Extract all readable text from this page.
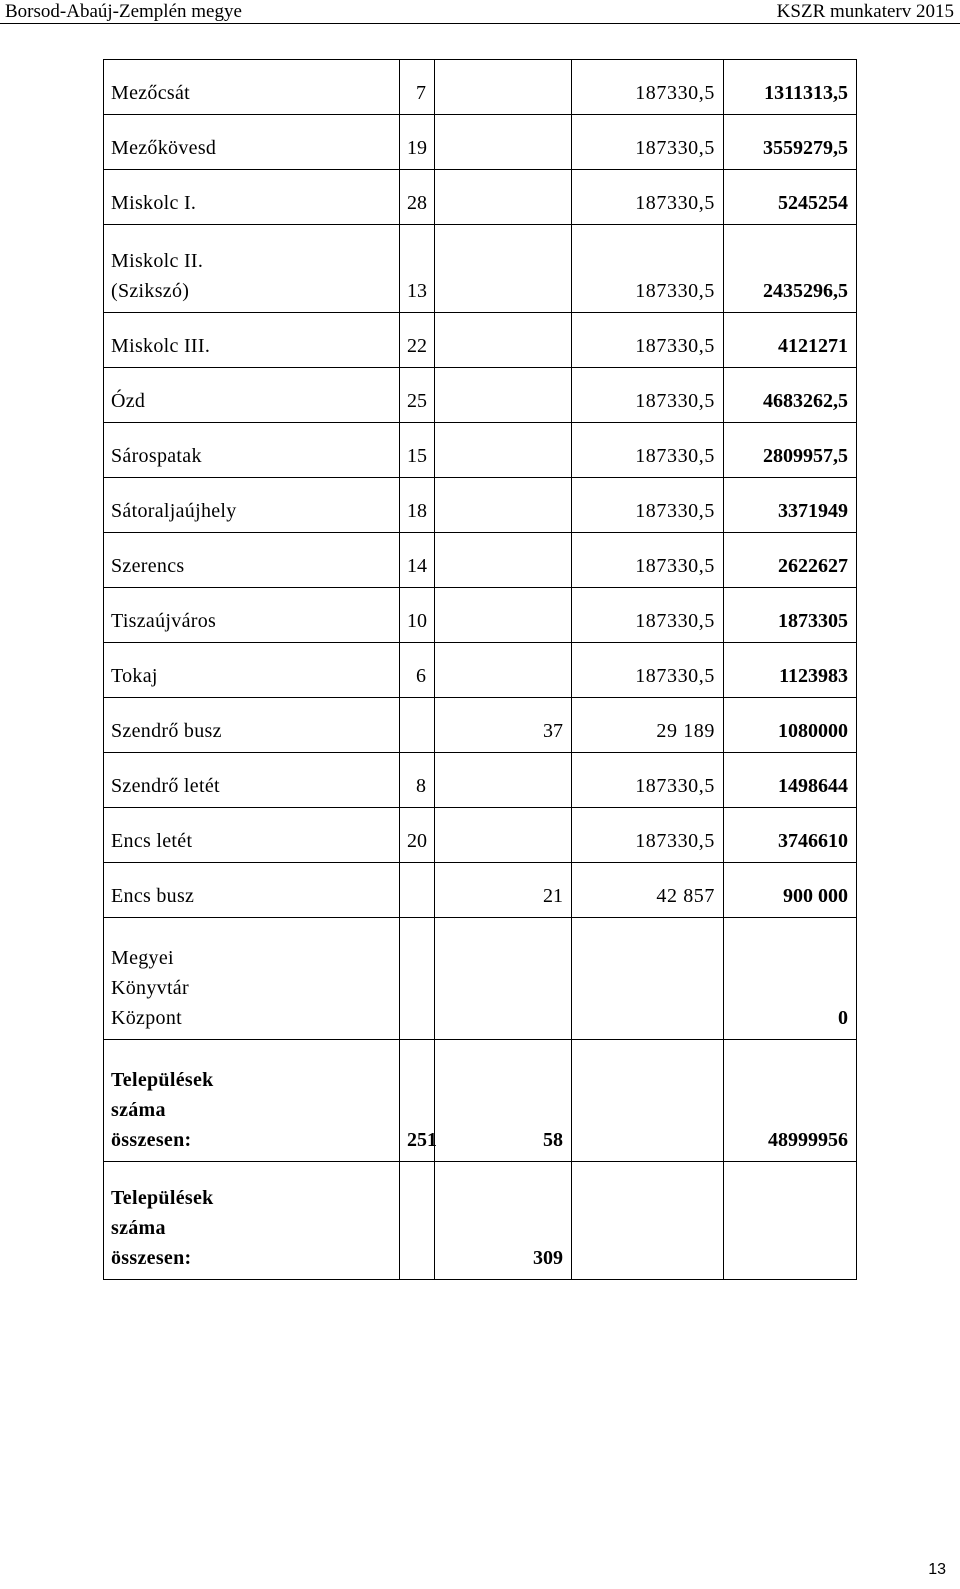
Borsod-Abaúj-Zemplén megye	KSZR munkaterv 2015
Mezőcsát	7		187330,5	1311313,5
Mezőkövesd	19		187330,5	3559279,5
Miskolc I.	28		187330,5	5245254

Miskolc II.
(Szikszó)	13		187330,5	2435296,5
Miskolc III.	22		187330,5	4121271
Ózd	25		187330,5	4683262,5
Sárospatak	15		187330,5	2809957,5
Sátoraljaújhely	18		187330,5	3371949
Szerencs	14		187330,5	2622627
Tiszaújváros	10		187330,5	1873305
Tokaj	6		187330,5	1123983
Szendrő busz		37	29 189	1080000
Szendrő letét	8		187330,5	1498644
Encs letét	20		187330,5	3746610
Encs busz		21	42 857	900 000

Megyei
Könyvtár
Központ				0

Települések
száma
összesen:	251	58		48999956

Települések
száma
összesen:		309		
13
